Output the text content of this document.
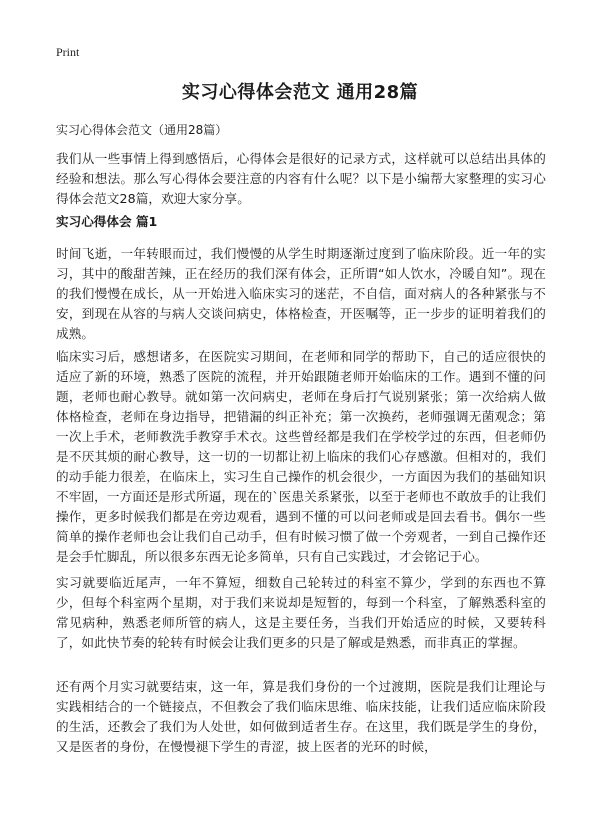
Print
实习心得体会范文 通用28篇
实习心得体会范文（通用28篇）

我们从一些事情上得到感悟后，心得体会是很好的记录方式，这样就可以总结出具体的经验和想法。那么写心得体会要注意的内容有什么呢？以下是小编帮大家整理的实习心得体会范文28篇，欢迎大家分享。

实习心得体会 篇1

时间飞逝，一年转眼而过，我们慢慢的从学生时期逐渐过度到了临床阶段。近一年的实习，其中的酸甜苦辣，正在经历的我们深有体会，正所谓“如人饮水，冷暖自知”。现在的我们慢慢在成长，从一开始进入临床实习的迷茫，不自信，面对病人的各种紧张与不安，到现在从容的与病人交谈问病史，体格检查，开医嘱等，正一步步的证明着我们的成熟。

临床实习后，感想诸多，在医院实习期间，在老师和同学的帮助下，自己的适应很快的适应了新的环境，熟悉了医院的流程，并开始跟随老师开始临床的工作。遇到不懂的问题，老师也耐心教导。就如第一次问病史，老师在身后打气说别紧张；第一次给病人做体格检查，老师在身边指导，把错漏的纠正补充；第一次换药，老师强调无菌观念；第一次上手术，老师教洗手教穿手术衣。这些曾经都是我们在学校学过的东西，但老师仍是不厌其烦的耐心教导，这一切的一切都让初上临床的我们心存感激。但相对的，我们的动手能力很差，在临床上，实习生自己操作的机会很少，一方面因为我们的基础知识不牢固，一方面还是形式所逼，现在的`医患关系紧张，以至于老师也不敢放手的让我们操作，更多时候我们都是在旁边观看，遇到不懂的可以问老师或是回去看书。偶尔一些简单的操作老师也会让我们自己动手，但有时候习惯了做一个旁观者，一到自己操作还是会手忙脚乱，所以很多东西无论多简单，只有自己实践过，才会铭记于心。

实习就要临近尾声，一年不算短，细数自己轮转过的科室不算少，学到的东西也不算少，但每个科室两个星期，对于我们来说却是短暂的，每到一个科室，了解熟悉科室的常见病种，熟悉老师所管的病人，这是主要任务，当我们开始适应的时候，又要转科了，如此快节奏的轮转有时候会让我们更多的只是了解或是熟悉，而非真正的掌握。

还有两个月实习就要结束，这一年，算是我们身份的一个过渡期，医院是我们让理论与实践相结合的一个链接点，不但教会了我们临床思维、临床技能，让我们适应临床阶段的生活，还教会了我们为人处世，如何做到适者生存。在这里，我们既是学生的身份，又是医者的身份，在慢慢褪下学生的青涩，披上医者的光环的时候，
